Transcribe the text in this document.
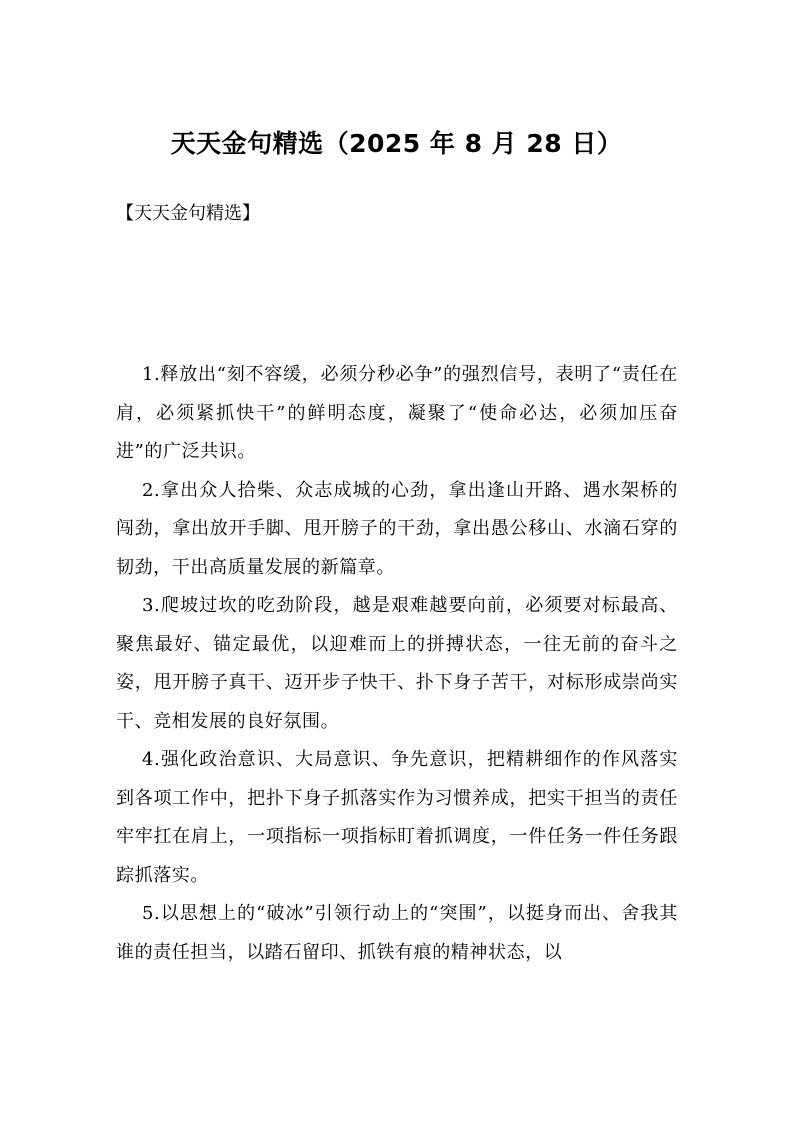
天天金句精选（2025 年 8 月 28 日）

【天天金句精选】

1.释放出“刻不容缓，必须分秒必争”的强烈信号，表明了“责任在肩，必须紧抓快干”的鲜明态度，凝聚了“使命必达，必须加压奋进”的广泛共识。

2.拿出众人拾柴、众志成城的心劲，拿出逢山开路、遇水架桥的闯劲，拿出放开手脚、甩开膀子的干劲，拿出愚公移山、水滴石穿的韧劲，干出高质量发展的新篇章。

3.爬坡过坎的吃劲阶段，越是艰难越要向前，必须要对标最高、聚焦最好、锚定最优，以迎难而上的拼搏状态，一往无前的奋斗之姿，甩开膀子真干、迈开步子快干、扑下身子苦干，对标形成崇尚实干、竞相发展的良好氛围。

4.强化政治意识、大局意识、争先意识，把精耕细作的作风落实到各项工作中，把扑下身子抓落实作为习惯养成，把实干担当的责任牢牢扛在肩上，一项指标一项指标盯着抓调度，一件任务一件任务跟踪抓落实。

5.以思想上的“破冰”引领行动上的“突围”，以挺身而出、舍我其谁的责任担当，以踏石留印、抓铁有痕的精神状态，以
